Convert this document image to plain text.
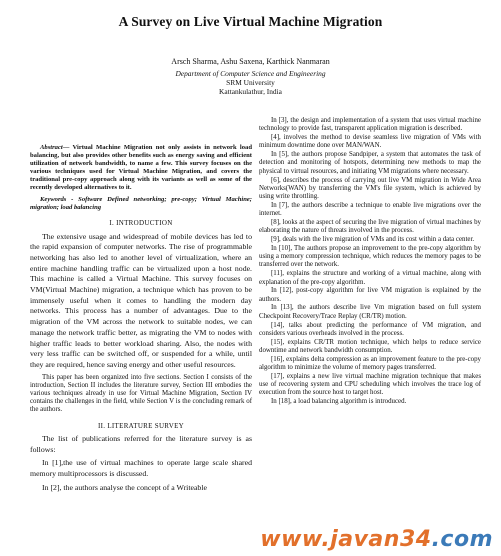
A Survey on Live Virtual Machine Migration
Arsch Sharma, Ashu Saxena, Karthick Nanmaran
Department of Computer Science and Engineering
SRM University
Kattankulathur, India

Abstract— Virtual Machine Migration not only assists in network load balancing, but also provides other benefits such as energy saving and efficient utilization of network bandwidth, to name a few. This survey focuses on the various techniques used for Virtual Machine Migration, and covers the traditional pre-copy approach along with its variants as well as some of the recently developed alternatives to it.

Keywords - Software Defined networking; pre-copy; Virtual Machine; migration; load balancing

I. INTRODUCTION

The extensive usage and widespread of mobile devices has led to the rapid expansion of computer networks. The rise of programmable networking has also led to another level of virtualization, where an entire machine handling traffic can be virtualized upon a host node. This machine is called a Virtual Machine. This survey focuses on VM(Virtual Machine) migration, a technique which has proven to be immensely useful when it comes to handling the modern day networks. This process has a number of advantages. Due to the migration of the VM across the network to suitable nodes, we can manage the network traffic better, as migrating the VM to nodes with higher traffic leads to better workload sharing. Also, the nodes with very less traffic can be switched off, or suspended for a while, until they are required, hence saving energy and other useful resources.

This paper has been organized into five sections. Section I consists of the introduction, Section II includes the literature survey, Section III embodies the various techniques already in use for Virtual Machine Migration, Section IV contains the challenges in the field, while Section V is the concluding remark of the authors.

II. LITERATURE SURVEY

The list of publications referred for the literature survey is as follows:

In [1],the use of virtual machines to operate large scale shared memory multiprocessors is discussed.

In [2], the authors analyse the concept of a Writeable

In [3], the design and implementation of a system that uses virtual machine technology to provide fast, transparent application migration is described.

[4], involves the method to devise seamless live migration of VMs with minimum downtime done over MAN/WAN.

In [5], the authors propose Sandpiper, a system that automates the task of detection and monitoring of hotspots, determining new methods to map the physical to virtual resources, and initiating VM migrations where necessary.

[6], describes the process of carrying out live VM migration in Wide Area Networks(WAN) by transferring the VM's file system, which is achieved by using write throttling.

In [7], the authors describe a technique to enable live migrations over the internet.

[8], looks at the aspect of securing the live migration of virtual machines by elaborating the nature of threats involved in the process.

[9], deals with the live migration of VMs and its cost within a data center.

In [10], The authors propose an improvement to the pre-copy algorithm by using a memory compression technique, which reduces the memory pages to be transferred over the network.

[11], explains the structure and working of a virtual machine, along with explanation of the pre-copy algorithm.

In [12], post-copy algorithm for live VM migration is explained by the authors.

In [13], the authors describe live Vm migration based on full system Checkpoint Recovery/Trace Replay (CR/TR) motion.

[14], talks about predicting the performance of VM migration, and considers various overheads involved in the process.

[15], explains CR/TR motion technique, which helps to reduce service downtime and network bandwidth consumption.

[16], explains delta compression as an improvement feature to the pre-copy algorithm to minimize the volume of memory pages transferred.

[17], explains a new live virtual machine migration technique that makes use of recovering system and CPU scheduling which involves the trace log of execution from the source host to target host.

In [18], a load balancing algorithm is introduced.

www.javan34.com
